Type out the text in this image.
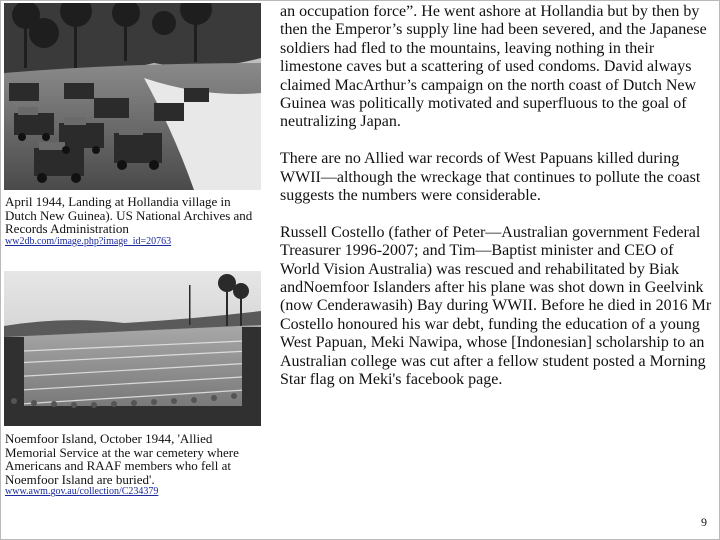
April 1944, Landing at Hollandia village in Dutch New Guinea). US National Archives and Records Administration
ww2db.com/image.php?image_id=20763
Noemfoor Island, October 1944, 'Allied Memorial Service at the war cemetery where Americans and RAAF members who fell at Noemfoor Island are buried'.
www.awm.gov.au/collection/C234379

an occupation force”. He went ashore at Hollandia but by then by then the Emperor’s supply line had been severed, and the Japanese soldiers had fled to the mountains, leaving nothing in their limestone caves but a scattering of used condoms. David always claimed MacArthur’s campaign on the north coast of Dutch New Guinea was politically motivated and superfluous to the goal of neutralizing Japan.

There are no Allied war records of West Papuans killed during WWII—although the wreckage that continues to pollute the coast suggests the numbers were considerable.

Russell Costello (father of Peter—Australian government Federal Treasurer 1996-2007; and Tim—Baptist minister and CEO of World Vision Australia) was rescued and rehabilitated by Biak andNoemfoor Islanders after his plane was shot down in Geelvink (now Cenderawasih) Bay during WWII. Before he died in 2016 Mr Costello honoured his war debt, funding the education of a young West Papuan, Meki Nawipa, whose [Indonesian] scholarship to an Australian college was cut after a fellow student posted a Morning Star flag on Meki's facebook page.

9
